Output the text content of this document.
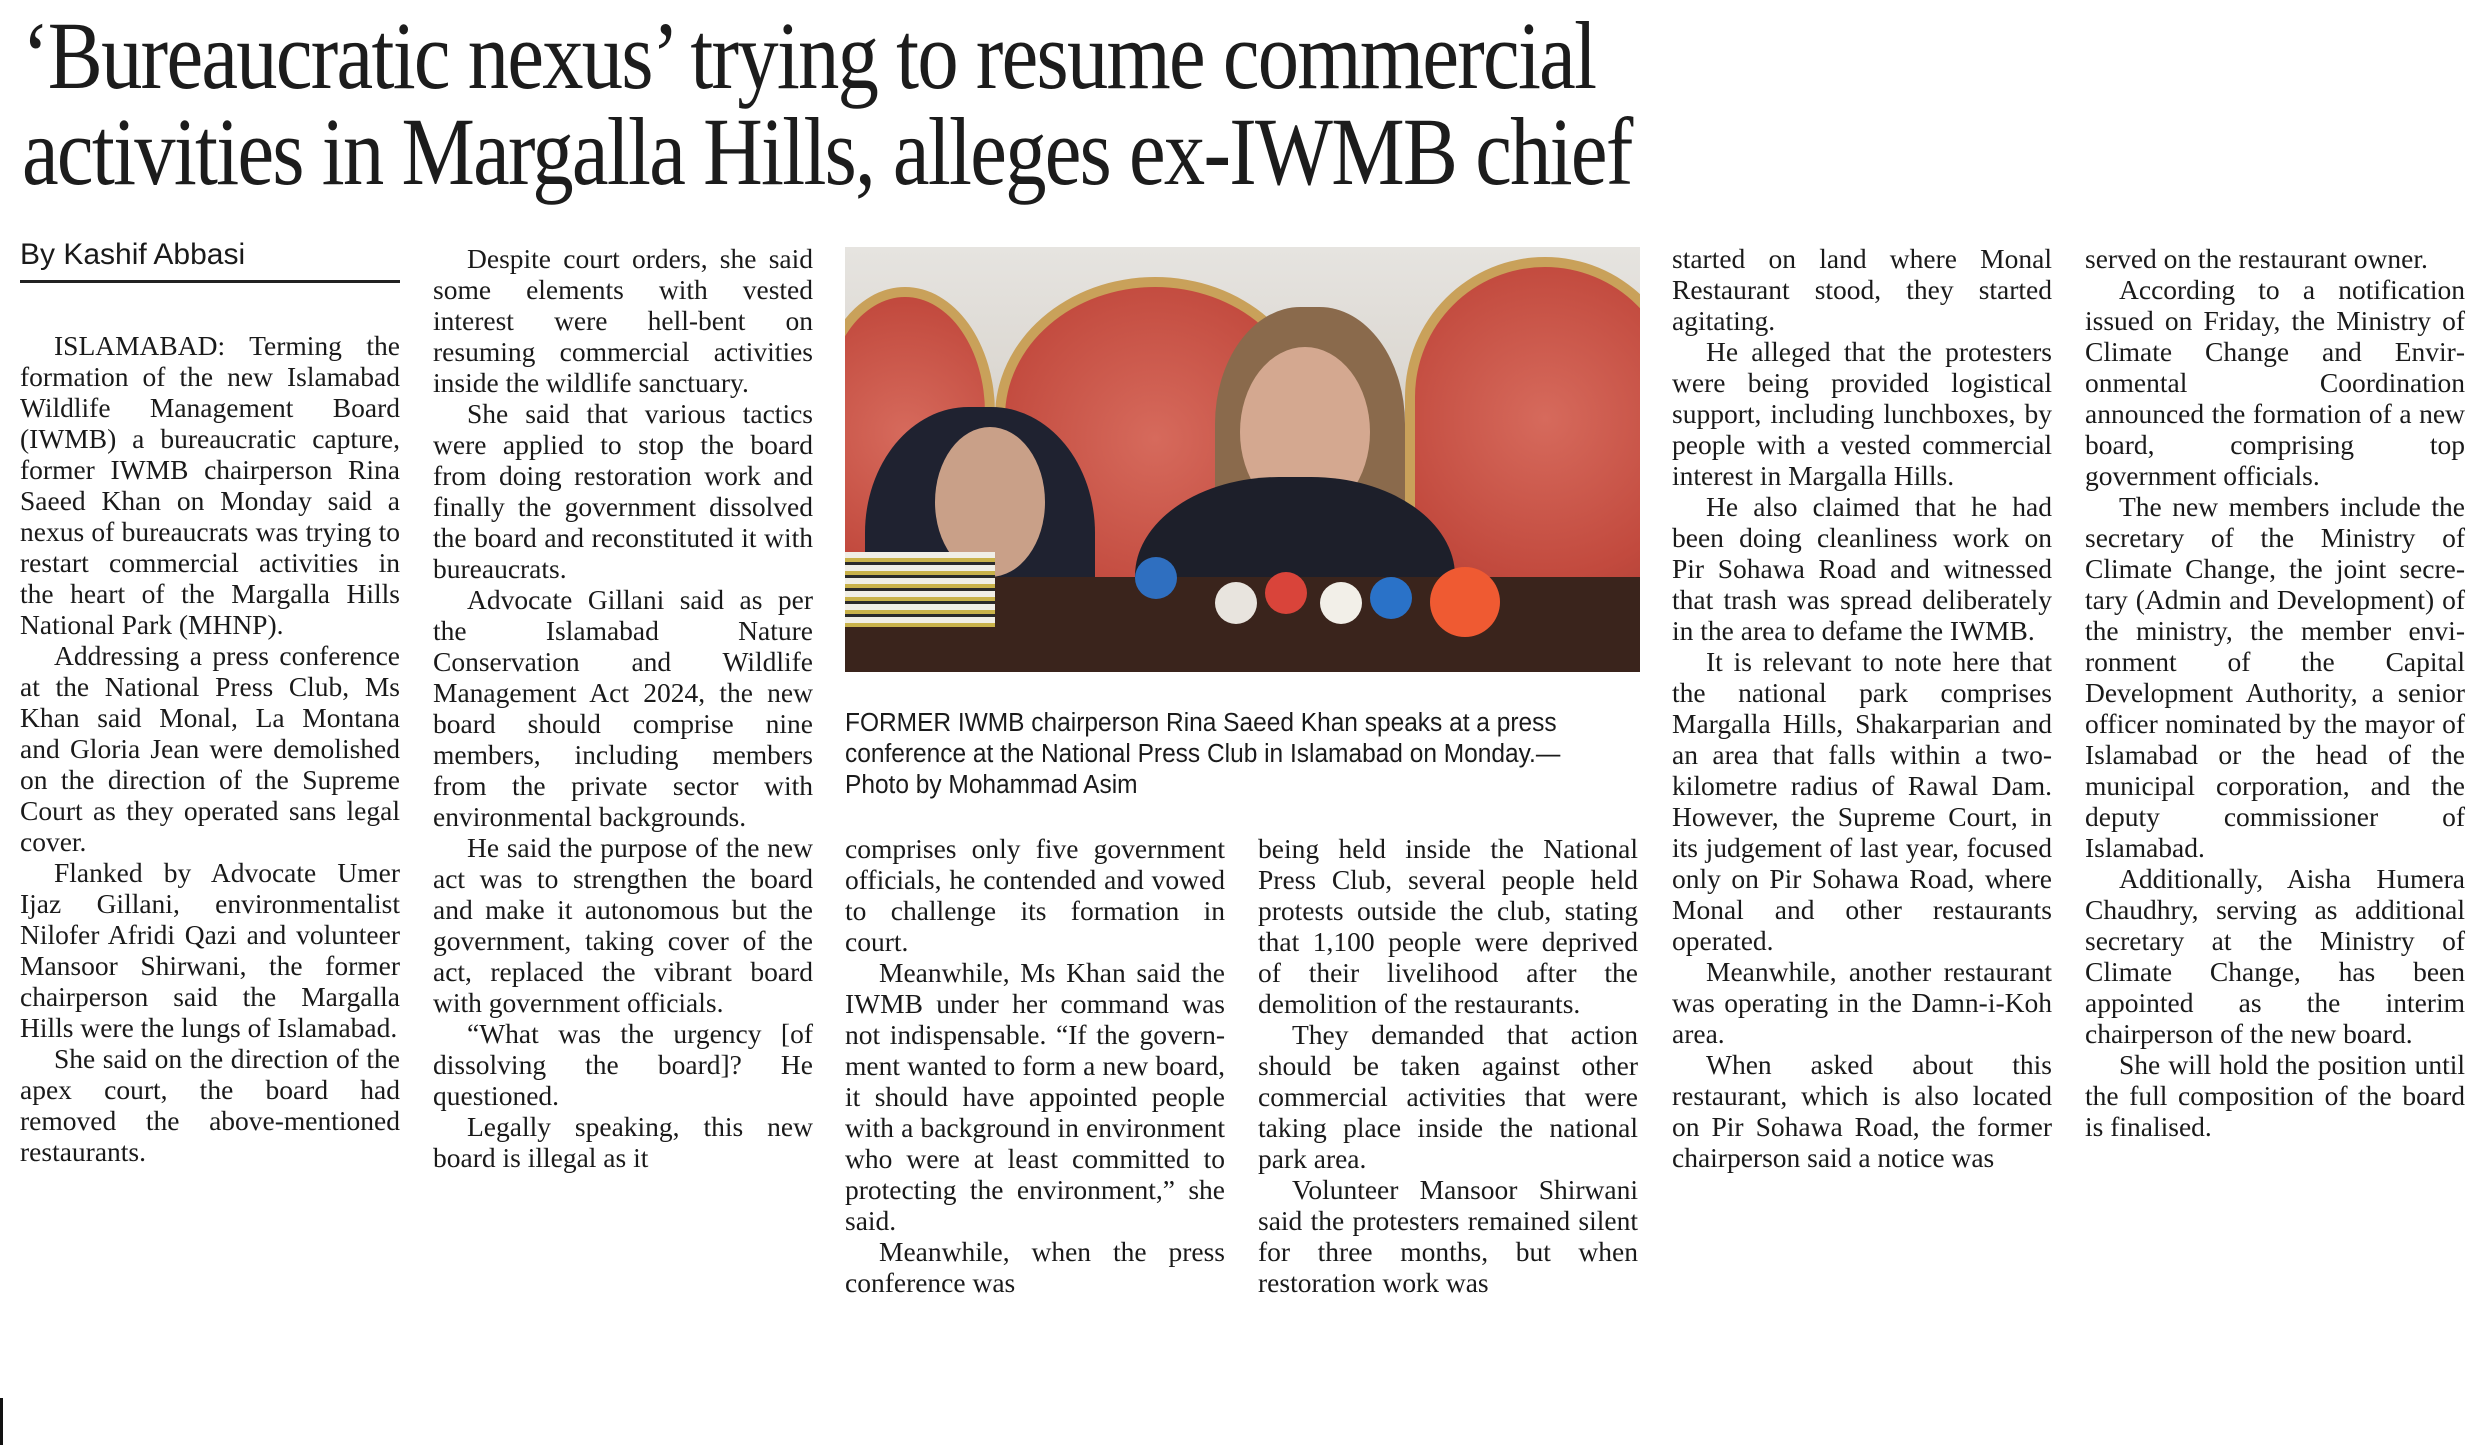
‘Bureaucratic nexus’ trying to resume commercial
activities in Margalla Hills, alleges ex-IWMB chief
By Kashif Abbasi

ISLAMABAD: Terming the formation of the new Islamabad Wildlife Management Board (IWMB) a bureaucratic capture, former IWMB chairperson Rina Saeed Khan on Monday said a nexus of bureaucrats was trying to restart commercial activities in the heart of the Margalla Hills National Park (MHNP).

Addressing a press conference at the National Press Club, Ms Khan said Monal, La Montana and Gloria Jean were demolished on the direction of the Supreme Court as they operated sans legal cover.

Flanked by Advocate Umer Ijaz Gillani, environmentalist Nilofer Afridi Qazi and volunteer Mansoor Shirwani, the former chairperson said the Margalla Hills were the lungs of Islamabad.

She said on the direction of the apex court, the board had removed the above-mentioned restaurants.

Despite court orders, she said some elements with vested interest were hell-bent on resuming commercial activities inside the wildlife sanctuary.

She said that various tactics were applied to stop the board from doing restoration work and finally the government dissolved the board and reconstituted it with bureaucrats.

Advocate Gillani said as per the Islamabad Nature Conservation and Wildlife Management Act 2024, the new board should comprise nine members, including members from the private sector with environmental backgrounds.

He said the purpose of the new act was to strengthen the board and make it autonomous but the government, taking cover of the act, replaced the vibrant board with government officials.

“What was the urgency [of dissolving the board]? He questioned.

Legally speaking, this new board is illegal as it

FORMER IWMB chairperson Rina Saeed Khan speaks at a press conference at the National Press Club in Islamabad on Monday.—Photo by Mohammad Asim

comprises only five government officials, he contended and vowed to challenge its formation in court.

Meanwhile, Ms Khan said the IWMB under her command was not indispensable. “If the government wanted to form a new board, it should have appointed people with a background in environment who were at least committed to protecting the environment,” she said.

Meanwhile, when the press conference was

being held inside the National Press Club, several people held protests outside the club, stating that 1,100 people were deprived of their livelihood after the demolition of the restaurants.

They demanded that action should be taken against other commercial activities that were taking place inside the national park area.

Volunteer Mansoor Shirwani said the protesters remained silent for three months, but when restoration work was

started on land where Monal Restaurant stood, they started agitating.

He alleged that the protesters were being provided logistical support, including lunchboxes, by people with a vested commercial interest in Margalla Hills.

He also claimed that he had been doing cleanliness work on Pir Sohawa Road and witnessed that trash was spread deliberately in the area to defame the IWMB.

It is relevant to note here that the national park comprises Margalla Hills, Shakarparian and an area that falls within a two-kilometre radius of Rawal Dam. However, the Supreme Court, in its judgement of last year, focused only on Pir Sohawa Road, where Monal and other restaurants operated.

Meanwhile, another restaurant was operating in the Damn-i-Koh area.

When asked about this restaurant, which is also located on Pir Sohawa Road, the former chairperson said a notice was

served on the restaurant owner.

According to a notification issued on Friday, the Ministry of Climate Change and Environmental Coordination announced the formation of a new board, comprising top government officials.

The new members include the secretary of the Ministry of Climate Change, the joint secretary (Admin and Development) of the ministry, the member environment of the Capital Development Authority, a senior officer nominated by the mayor of Islamabad or the head of the municipal corporation, and the deputy commissioner of Islamabad.

Additionally, Aisha Humera Chaudhry, serving as additional secretary at the Ministry of Climate Change, has been appointed as the interim chairperson of the new board.

She will hold the position until the full composition of the board is finalised.
